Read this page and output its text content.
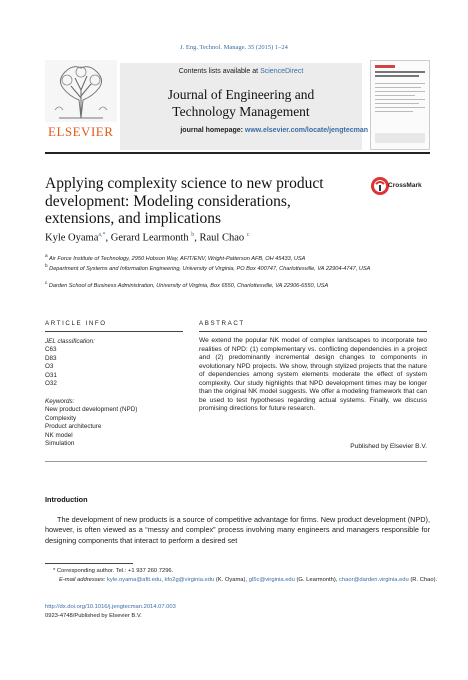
J. Eng. Technol. Manage. 35 (2015) 1–24
ELSEVIER
Contents lists available at ScienceDirect
Journal of Engineering and
Technology Management
journal homepage: www.elsevier.com/locate/jengtecman
Applying complexity science to new product development: Modeling considerations, extensions, and implications
CrossMark
Kyle Oyama$^{a,*}$, Gerard Learmonth $^b$, Raul Chao $^c$
$^a$ Air Force Institute of Technology, 2950 Hobson Way, AFIT/ENV, Wright-Patterson AFB, OH 45433, USA
$^b$ Department of Systems and Information Engineering, University of Virginia, PO Box 400747, Charlottesville, VA 22904-4747, USA
$^c$ Darden School of Business Administration, University of Virginia, Box 6550, Charlottesville, VA 22906-6550, USA
ARTICLE INFO
JEL classification:
C63
D83
O3
O31
O32
Keywords:
New product development (NPD)
Complexity
Product architecture
NK model
Simulation
ABSTRACT
We extend the popular NK model of complex landscapes to incorporate two realities of NPD: (1) complementary vs. conflicting dependencies in a project and (2) predominantly incremental design changes to components in evolutionary NPD projects. We show, through stylized projects that the nature of dependencies among system elements moderate the effect of system complexity. Our study highlights that NPD development times may be longer than the original NK model suggests. We offer a modeling framework that can be used to test hypotheses regarding actual systems. Finally, we discuss promising directions for future research.
Published by Elsevier B.V.
Introduction
The development of new products is a source of competitive advantage for firms. New product development (NPD), however, is often viewed as a “messy and complex” process involving many engineers and managers responsible for designing components that interact to perform a desired set
* Corresponding author. Tel.: +1 937 260 7296.
E-mail addresses: kyle.oyama@afit.edu, kfo2g@virginia.edu (K. Oyama), gl5c@virginia.edu (G. Learmonth), chaor@darden.virginia.edu (R. Chao).
http://dx.doi.org/10.1016/j.jengtecman.2014.07.003
0923-4748/Published by Elsevier B.V.
